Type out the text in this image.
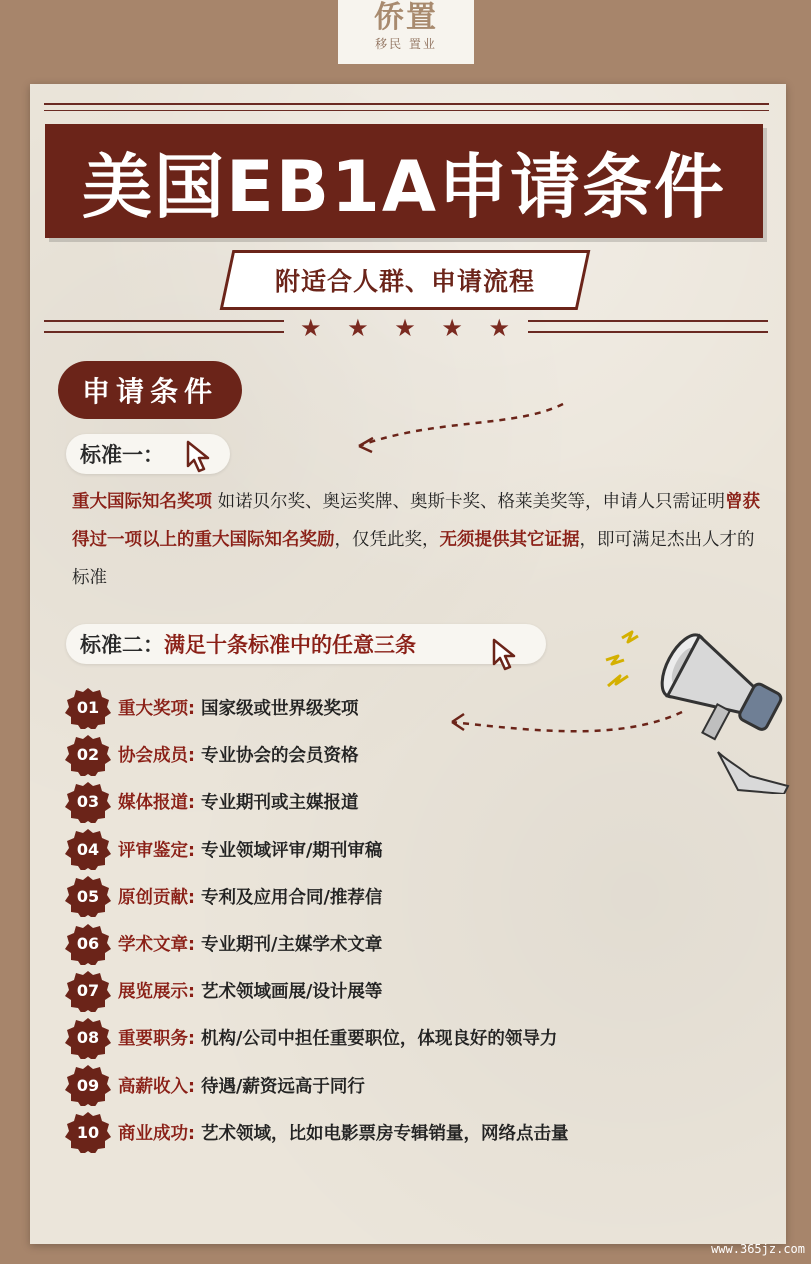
侨置
移民 置业
美国EB1A申请条件
附适合人群、申请流程
★ ★ ★ ★ ★
申请条件
标准一：
重大国际知名奖项 如诺贝尔奖、奥运奖牌、奥斯卡奖、格莱美奖等，申请人只需证明曾获得过一项以上的重大国际知名奖励，仅凭此奖，无须提供其它证据，即可满足杰出人才的标准
标准二： 满足十条标准中的 任意三条
01	重大奖项: 国家级或世界级奖项
02	协会成员: 专业协会的会员资格
03	媒体报道: 专业期刊或主媒报道
04	评审鉴定: 专业领域评审/期刊审稿
05	原创贡献: 专利及应用合同/推荐信
06	学术文章: 专业期刊/主媒学术文章
07	展览展示: 艺术领域画展/设计展等
08	重要职务: 机构/公司中担任重要职位，体现良好的领导力
09	高薪收入: 待遇/薪资远高于同行
10	商业成功: 艺术领域，比如电影票房专辑销量，网络点击量
www.365jz.com
